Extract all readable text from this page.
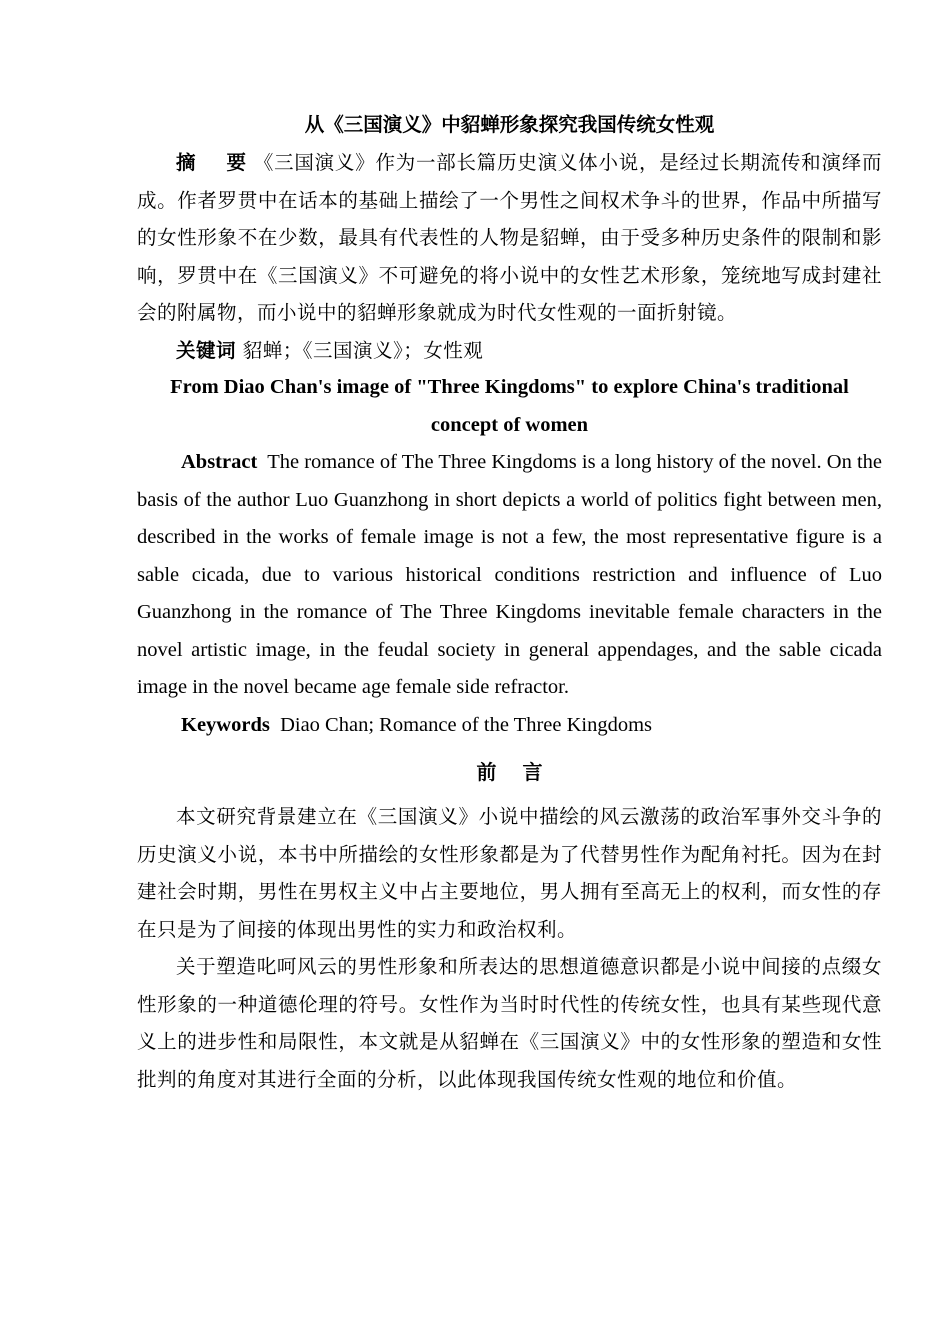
从《三国演义》中貂蝉形象探究我国传统女性观

摘 要 《三国演义》作为一部长篇历史演义体小说，是经过长期流传和演绎而成。作者罗贯中在话本的基础上描绘了一个男性之间权术争斗的世界，作品中所描写的女性形象不在少数，最具有代表性的人物是貂蝉，由于受多种历史条件的限制和影响，罗贯中在《三国演义》不可避免的将小说中的女性艺术形象，笼统地写成封建社会的附属物，而小说中的貂蝉形象就成为时代女性观的一面折射镜。

关键词 貂蝉；《三国演义》；女性观

From Diao Chan's image of "Three Kingdoms" to explore China's traditional
concept of women

Abstract The romance of The Three Kingdoms is a long history of the novel. On the basis of the author Luo Guanzhong in short depicts a world of politics fight between men, described in the works of female image is not a few, the most representative figure is a sable cicada, due to various historical conditions restriction and influence of Luo Guanzhong in the romance of The Three Kingdoms inevitable female characters in the novel artistic image, in the feudal society in general appendages, and the sable cicada image in the novel became age female side refractor.

Keywords Diao Chan; Romance of the Three Kingdoms

前 言

本文研究背景建立在《三国演义》小说中描绘的风云激荡的政治军事外交斗争的历史演义小说，本书中所描绘的女性形象都是为了代替男性作为配角衬托。因为在封建社会时期，男性在男权主义中占主要地位，男人拥有至高无上的权利，而女性的存在只是为了间接的体现出男性的实力和政治权利。

关于塑造叱呵风云的男性形象和所表达的思想道德意识都是小说中间接的点缀女性形象的一种道德伦理的符号。女性作为当时时代性的传统女性，也具有某些现代意义上的进步性和局限性，本文就是从貂蝉在《三国演义》中的女性形象的塑造和女性批判的角度对其进行全面的分析，以此体现我国传统女性观的地位和价值。
